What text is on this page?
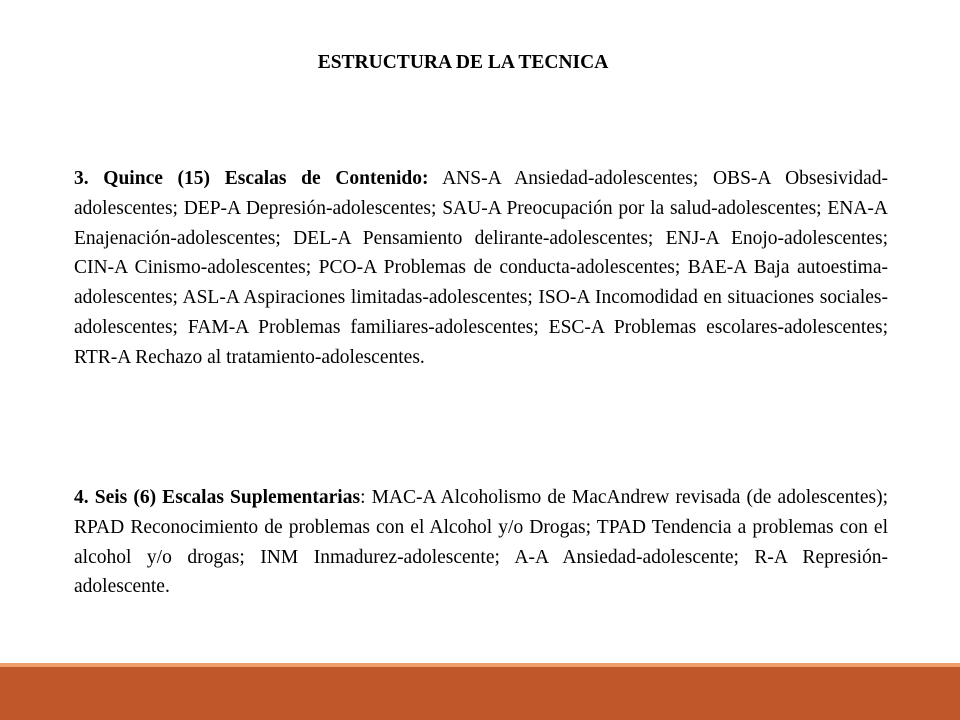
ESTRUCTURA DE LA TECNICA

3. Quince (15) Escalas de Contenido: ANS-A Ansiedad-adolescentes; OBS-A Obsesividad-adolescentes; DEP-A Depresión-adolescentes; SAU-A Preocupación por la salud-adolescentes; ENA-A Enajenación-adolescentes; DEL-A Pensamiento delirante-adolescentes; ENJ-A Enojo-adolescentes; CIN-A Cinismo-adolescentes; PCO-A Problemas de conducta-adolescentes; BAE-A Baja autoestima-adolescentes; ASL-A Aspiraciones limitadas-adolescentes; ISO-A Incomodidad en situaciones sociales-adolescentes; FAM-A Problemas familiares-adolescentes; ESC-A Problemas escolares-adolescentes; RTR-A Rechazo al tratamiento-adolescentes.

4. Seis (6) Escalas Suplementarias: MAC-A Alcoholismo de MacAndrew revisada (de adolescentes); RPAD Reconocimiento de problemas con el Alcohol y/o Drogas; TPAD Tendencia a problemas con el alcohol y/o drogas; INM Inmadurez-adolescente; A-A Ansiedad-adolescente; R-A Represión-adolescente.
